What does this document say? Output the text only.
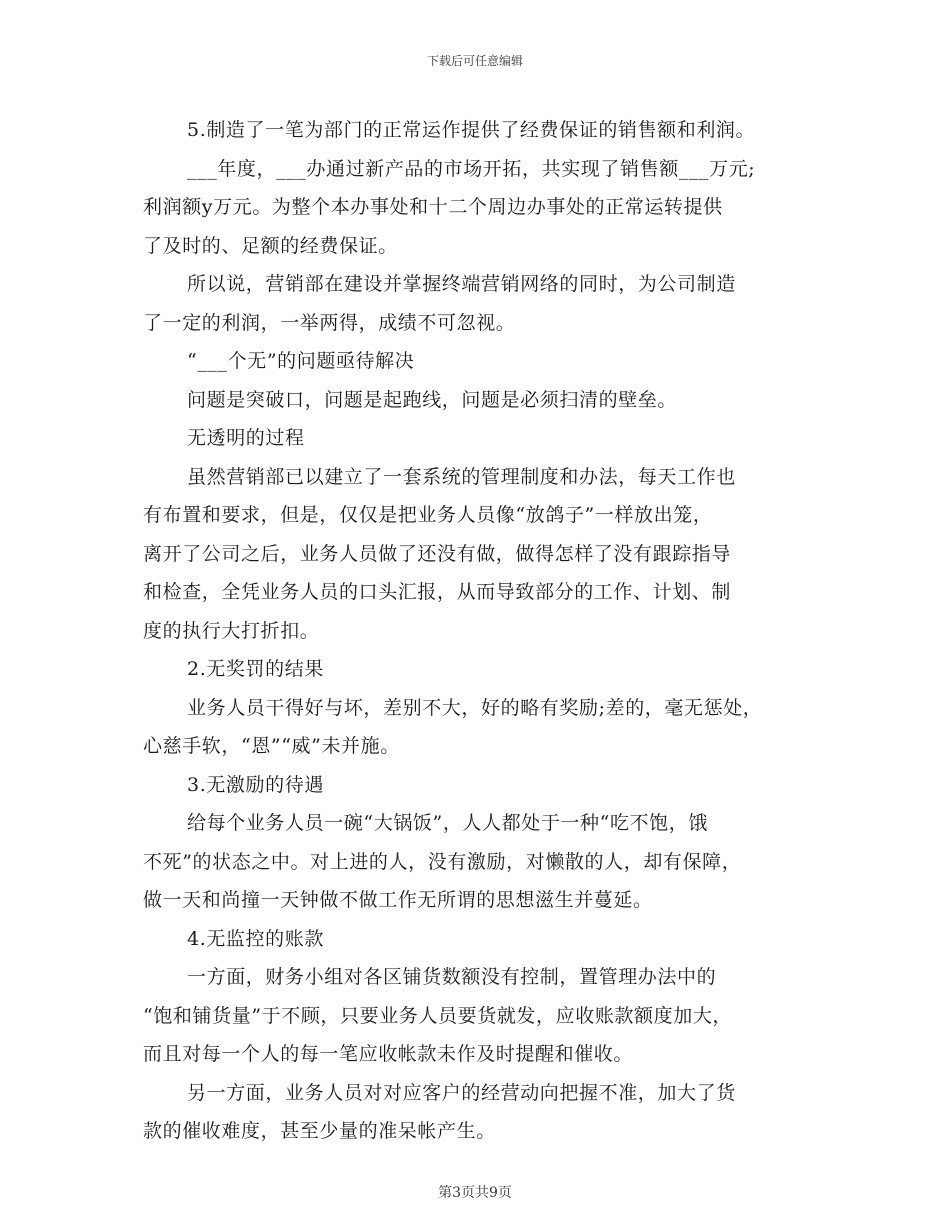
下载后可任意编辑
5.制造了一笔为部门的正常运作提供了经费保证的销售额和利润。
___年度，___办通过新产品的市场开拓，共实现了销售额___万元;
利润额y万元。为整个本办事处和十二个周边办事处的正常运转提供
了及时的、足额的经费保证。
所以说，营销部在建设并掌握终端营销网络的同时，为公司制造
了一定的利润，一举两得，成绩不可忽视。
“___个无”的问题亟待解决
问题是突破口，问题是起跑线，问题是必须扫清的壁垒。
无透明的过程
虽然营销部已以建立了一套系统的管理制度和办法，每天工作也
有布置和要求，但是，仅仅是把业务人员像“放鸽子”一样放出笼，
离开了公司之后，业务人员做了还没有做，做得怎样了没有跟踪指导
和检查，全凭业务人员的口头汇报，从而导致部分的工作、计划、制
度的执行大打折扣。
2.无奖罚的结果
业务人员干得好与坏，差别不大，好的略有奖励;差的，毫无惩处，
心慈手软，“恩”“威”未并施。
3.无激励的待遇
给每个业务人员一碗“大锅饭”，人人都处于一种“吃不饱，饿
不死”的状态之中。对上进的人，没有激励，对懒散的人，却有保障，
做一天和尚撞一天钟做不做工作无所谓的思想滋生并蔓延。
4.无监控的账款
一方面，财务小组对各区铺货数额没有控制，置管理办法中的
“饱和铺货量”于不顾，只要业务人员要货就发，应收账款额度加大，
而且对每一个人的每一笔应收帐款未作及时提醒和催收。
另一方面，业务人员对对应客户的经营动向把握不准，加大了货
款的催收难度，甚至少量的准呆帐产生。
第3页共9页
